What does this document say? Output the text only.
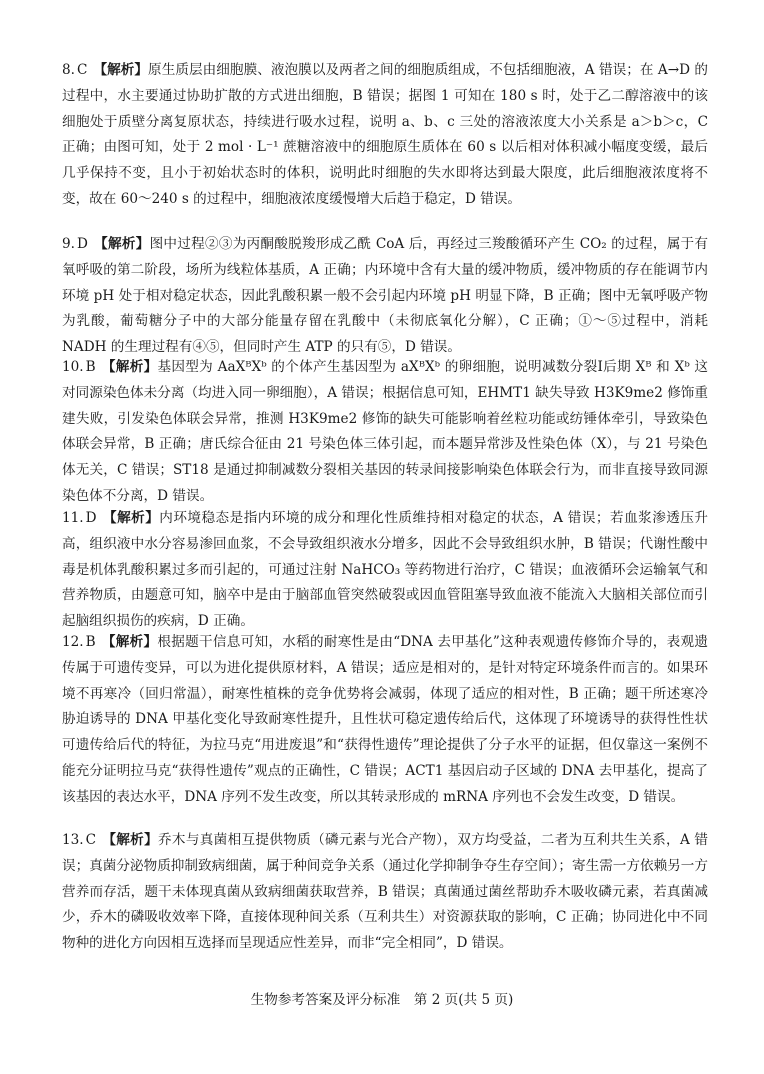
8. C 【解析】原生质层由细胞膜、液泡膜以及两者之间的细胞质组成，不包括细胞液，A 错误；在 A→D 的过程中，水主要通过协助扩散的方式进出细胞，B 错误；据图 1 可知在 180 s 时，处于乙二醇溶液中的该细胞处于质壁分离复原状态，持续进行吸水过程，说明 a、b、c 三处的溶液浓度大小关系是 a＞b＞c，C 正确；由图可知，处于 2 mol · L⁻¹ 蔗糖溶液中的细胞原生质体在 60 s 以后相对体积减小幅度变缓，最后几乎保持不变，且小于初始状态时的体积，说明此时细胞的失水即将达到最大限度，此后细胞液浓度将不变，故在 60～240 s 的过程中，细胞液浓度缓慢增大后趋于稳定，D 错误。
9. D 【解析】图中过程②③为丙酮酸脱羧形成乙酰 CoA 后，再经过三羧酸循环产生 CO₂ 的过程，属于有氧呼吸的第二阶段，场所为线粒体基质，A 正确；内环境中含有大量的缓冲物质，缓冲物质的存在能调节内环境 pH 处于相对稳定状态，因此乳酸积累一般不会引起内环境 pH 明显下降，B 正确；图中无氧呼吸产物为乳酸，葡萄糖分子中的大部分能量存留在乳酸中（未彻底氧化分解），C 正确；①～⑤过程中，消耗 NADH 的生理过程有④⑤，但同时产生 ATP 的只有⑤，D 错误。
10. B 【解析】基因型为 AaXᴮXᵇ 的个体产生基因型为 aXᴮXᵇ 的卵细胞，说明减数分裂Ⅰ后期 Xᴮ 和 Xᵇ 这对同源染色体未分离（均进入同一卵细胞），A 错误；根据信息可知，EHMT1 缺失导致 H3K9me2 修饰重建失败，引发染色体联会异常，推测 H3K9me2 修饰的缺失可能影响着丝粒功能或纺锤体牵引，导致染色体联会异常，B 正确；唐氏综合征由 21 号染色体三体引起，而本题异常涉及性染色体（X），与 21 号染色体无关，C 错误；ST18 是通过抑制减数分裂相关基因的转录间接影响染色体联会行为，而非直接导致同源染色体不分离，D 错误。
11. D 【解析】内环境稳态是指内环境的成分和理化性质维持相对稳定的状态，A 错误；若血浆渗透压升高，组织液中水分容易渗回血浆，不会导致组织液水分增多，因此不会导致组织水肿，B 错误；代谢性酸中毒是机体乳酸积累过多而引起的，可通过注射 NaHCO₃ 等药物进行治疗，C 错误；血液循环会运输氧气和营养物质，由题意可知，脑卒中是由于脑部血管突然破裂或因血管阻塞导致血液不能流入大脑相关部位而引起脑组织损伤的疾病，D 正确。
12. B 【解析】根据题干信息可知，水稻的耐寒性是由“DNA 去甲基化”这种表观遗传修饰介导的，表观遗传属于可遗传变异，可以为进化提供原材料，A 错误；适应是相对的，是针对特定环境条件而言的。如果环境不再寒冷（回归常温），耐寒性植株的竞争优势将会减弱，体现了适应的相对性，B 正确；题干所述寒冷胁迫诱导的 DNA 甲基化变化导致耐寒性提升，且性状可稳定遗传给后代，这体现了环境诱导的获得性性状可遗传给后代的特征，为拉马克“用进废退”和“获得性遗传”理论提供了分子水平的证据，但仅靠这一案例不能充分证明拉马克“获得性遗传”观点的正确性，C 错误；ACT1 基因启动子区域的 DNA 去甲基化，提高了该基因的表达水平，DNA 序列不发生改变，所以其转录形成的 mRNA 序列也不会发生改变，D 错误。
13. C 【解析】乔木与真菌相互提供物质（磷元素与光合产物），双方均受益，二者为互利共生关系，A 错误；真菌分泌物质抑制致病细菌，属于种间竞争关系（通过化学抑制争夺生存空间）；寄生需一方依赖另一方营养而存活，题干未体现真菌从致病细菌获取营养，B 错误；真菌通过菌丝帮助乔木吸收磷元素，若真菌减少，乔木的磷吸收效率下降，直接体现种间关系（互利共生）对资源获取的影响，C 正确；协同进化中不同物种的进化方向因相互选择而呈现适应性差异，而非“完全相同”，D 错误。
生物参考答案及评分标准　第 2 页(共 5 页)
